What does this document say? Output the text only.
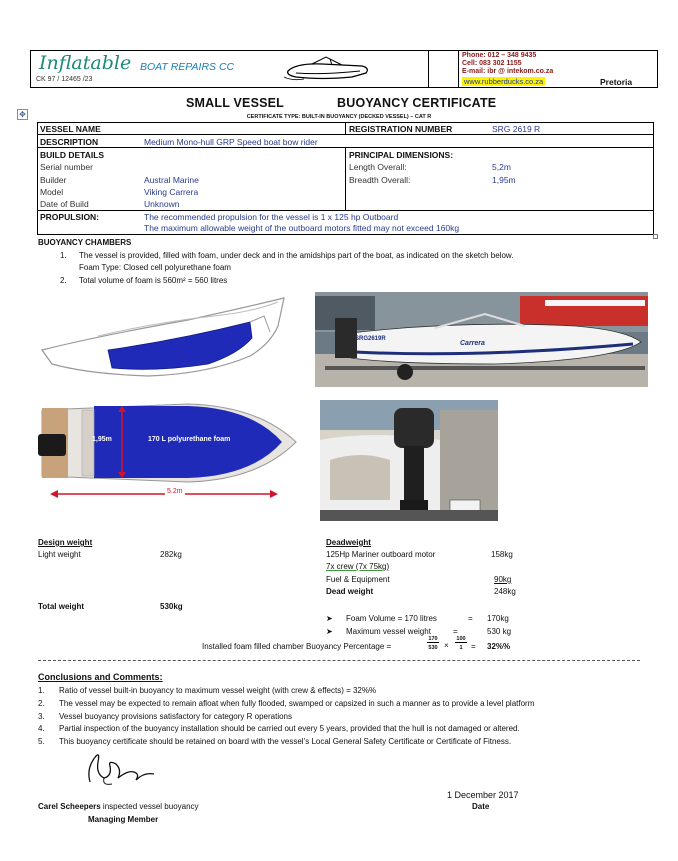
Inflatable BOAT REPAIRS CC
CK 97 / 12465 /23
Phone: 012 – 348 9435
Cell: 083 302 1155
E-mail: ibr @ intekom.co.za
www.rubberducks.co.za	Pretoria
✥
SMALL VESSEL	BUOYANCY CERTIFICATE
CERTIFICATE TYPE: BUILT-IN BUOYANCY (DECKED VESSEL) – CAT R
VESSEL NAME	REGISTRATION NUMBER	SRG 2619 R
DESCRIPTION	Medium Mono-hull GRP Speed boat bow rider
BUILD DETAILS
Serial number
Builder	Austral Marine
Model	Viking Carrera
Date of Build	Unknown
PRINCIPAL DIMENSIONS:
Length Overall:	5,2m
Breadth Overall:	1,95m
PROPULSION:	The recommended propulsion for the vessel is 1 x 125 hp Outboard
The maximum allowable weight of the outboard motors fitted may not exceed 160kg
BUOYANCY CHAMBERS
1. The vessel is provided, filled with foam, under deck and in the amidships part of the boat, as indicated on the sketch below.
Foam Type: Closed cell polyurethane foam
2. Total volume of foam is 560m² = 560 litres
1,95m	170 L polyurethane foam
5.2m
SRG2619R
Carrera
Design weight
Light weight	282kg
Total weight	530kg
Deadweight
125Hp Mariner outboard motor	158kg
7x crew (7x 75kg)
Fuel & Equipment	90kg
Dead weight	248kg
➤ Foam Volume = 170 litres	= 170kg
➤ Maximum vessel weight	=	530 kg
Installed foam filled chamber Buoyancy Percentage =
170
530 ×
100
1	= 32%%
Conclusions and Comments:
1. Ratio of vessel built-in buoyancy to maximum vessel weight (with crew & effects) = 32%%
2. The vessel may be expected to remain afloat when fully flooded, swamped or capsized in such a manner as to provide a level platform
3. Vessel buoyancy provisions satisfactory for category R operations
4. Partial inspection of the buoyancy installation should be carried out every 5 years, provided that the hull is not damaged or altered.
5. This buoyancy certificate should be retained on board with the vessel’s Local General Safety Certificate or Certificate of Fitness.
Carel Scheepers inspected vessel buoyancy
Managing Member
1 December 2017
Date
